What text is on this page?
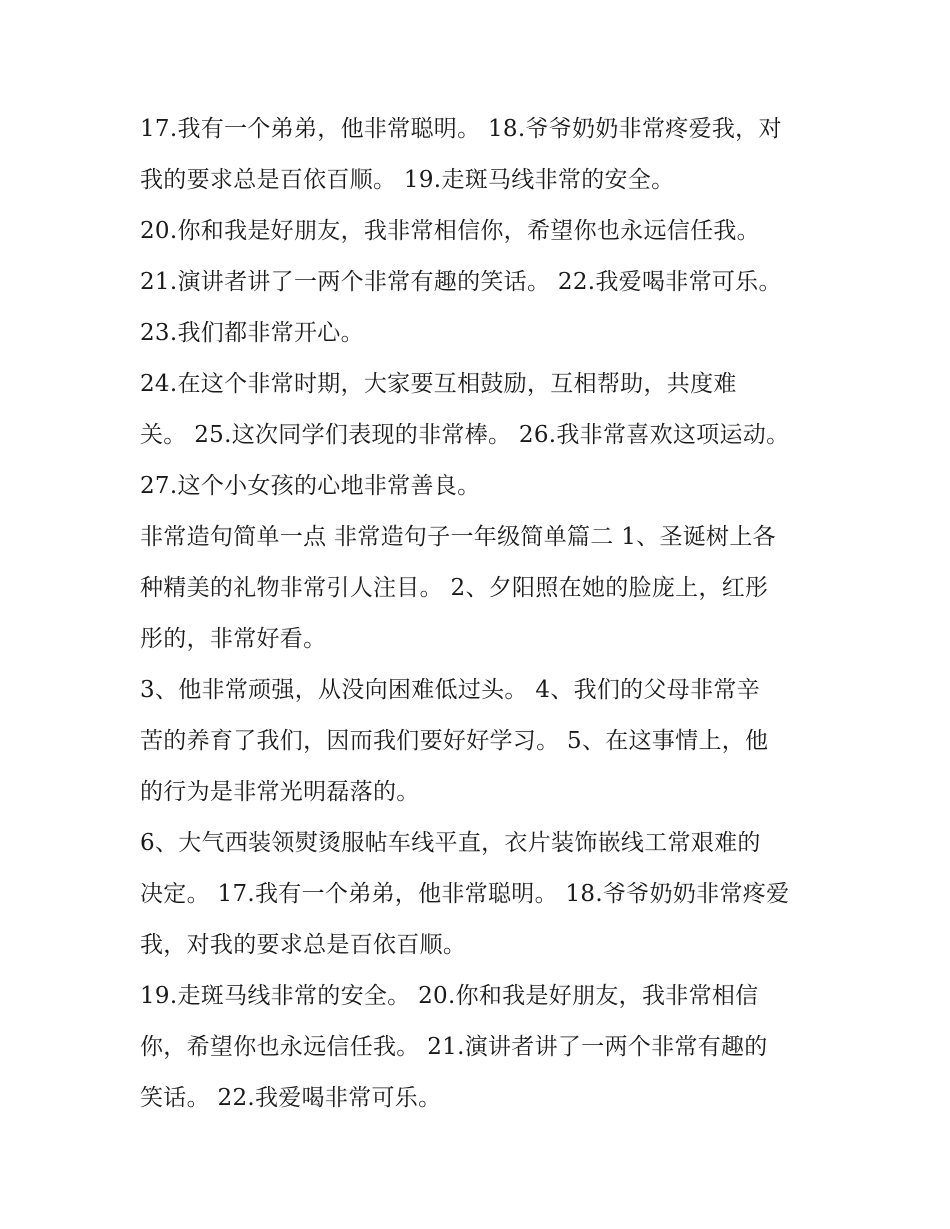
17.我有一个弟弟，他非常聪明。 18.爷爷奶奶非常疼爱我，对
我的要求总是百依百顺。 19.走斑马线非常的安全。
20.你和我是好朋友，我非常相信你，希望你也永远信任我。
21.演讲者讲了一两个非常有趣的笑话。 22.我爱喝非常可乐。
23.我们都非常开心。
24.在这个非常时期，大家要互相鼓励，互相帮助，共度难
关。 25.这次同学们表现的非常棒。 26.我非常喜欢这项运动。
27.这个小女孩的心地非常善良。
非常造句简单一点 非常造句子一年级简单篇二 1、圣诞树上各
种精美的礼物非常引人注目。 2、夕阳照在她的脸庞上，红彤
彤的，非常好看。
3、他非常顽强，从没向困难低过头。 4、我们的父母非常辛
苦的养育了我们，因而我们要好好学习。 5、在这事情上，他
的行为是非常光明磊落的。
6、大气西装领熨烫服帖车线平直，衣片装饰嵌线工常艰难的
决定。 17.我有一个弟弟，他非常聪明。 18.爷爷奶奶非常疼爱
我，对我的要求总是百依百顺。
19.走斑马线非常的安全。 20.你和我是好朋友，我非常相信
你，希望你也永远信任我。 21.演讲者讲了一两个非常有趣的
笑话。 22.我爱喝非常可乐。
